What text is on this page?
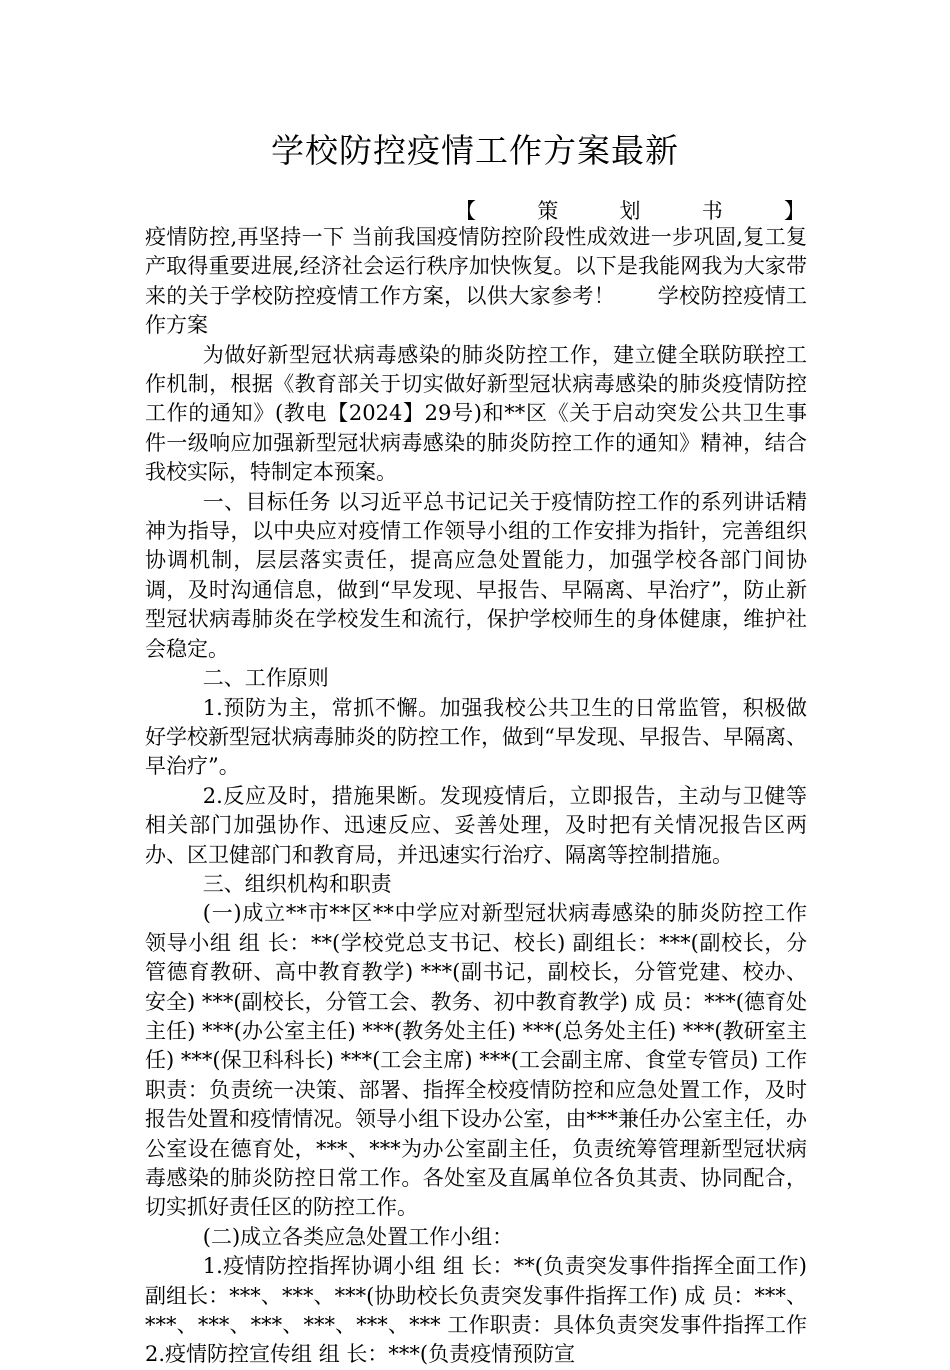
学校防控疫情工作方案最新
【	策	划	书	】

疫情防控,再坚持一下 当前我国疫情防控阶段性成效进一步巩固,复工复产取得重要进展,经济社会运行秩序加快恢复。以下是我能网我为大家带来的关于学校防控疫情工作方案，以供大家参考！　　学校防控疫情工作方案

为做好新型冠状病毒感染的肺炎防控工作，建立健全联防联控工作机制，根据《教育部关于切实做好新型冠状病毒感染的肺炎疫情防控工作的通知》(教电【2024】29号)和**区《关于启动突发公共卫生事件一级响应加强新型冠状病毒感染的肺炎防控工作的通知》精神，结合我校实际，特制定本预案。

一、目标任务 以习近平总书记记关于疫情防控工作的系列讲话精神为指导，以中央应对疫情工作领导小组的工作安排为指针，完善组织协调机制，层层落实责任，提高应急处置能力，加强学校各部门间协调，及时沟通信息，做到“早发现、早报告、早隔离、早治疗”，防止新型冠状病毒肺炎在学校发生和流行，保护学校师生的身体健康，维护社会稳定。

二、工作原则

1.预防为主，常抓不懈。加强我校公共卫生的日常监管，积极做好学校新型冠状病毒肺炎的防控工作，做到“早发现、早报告、早隔离、早治疗”。

2.反应及时，措施果断。发现疫情后，立即报告，主动与卫健等相关部门加强协作、迅速反应、妥善处理，及时把有关情况报告区两办、区卫健部门和教育局，并迅速实行治疗、隔离等控制措施。

三、组织机构和职责

(一)成立**市**区**中学应对新型冠状病毒感染的肺炎防控工作领导小组 组 长：**(学校党总支书记、校长) 副组长：***(副校长，分管德育教研、高中教育教学) ***(副书记，副校长，分管党建、校办、安全) ***(副校长，分管工会、教务、初中教育教学) 成 员：***(德育处主任) ***(办公室主任) ***(教务处主任) ***(总务处主任) ***(教研室主任) ***(保卫科科长) ***(工会主席) ***(工会副主席、食堂专管员) 工作职责：负责统一决策、部署、指挥全校疫情防控和应急处置工作，及时报告处置和疫情情况。领导小组下设办公室，由***兼任办公室主任，办公室设在德育处，***、***为办公室副主任，负责统筹管理新型冠状病毒感染的肺炎防控日常工作。各处室及直属单位各负其责、协同配合，切实抓好责任区的防控工作。

(二)成立各类应急处置工作小组：

1.疫情防控指挥协调小组 组 长：**(负责突发事件指挥全面工作) 副组长：***、***、***(协助校长负责突发事件指挥工作) 成 员：***、***、***、***、***、***、*** 工作职责：具体负责突发事件指挥工作 2.疫情防控宣传组 组 长：***(负责疫情预防宣
